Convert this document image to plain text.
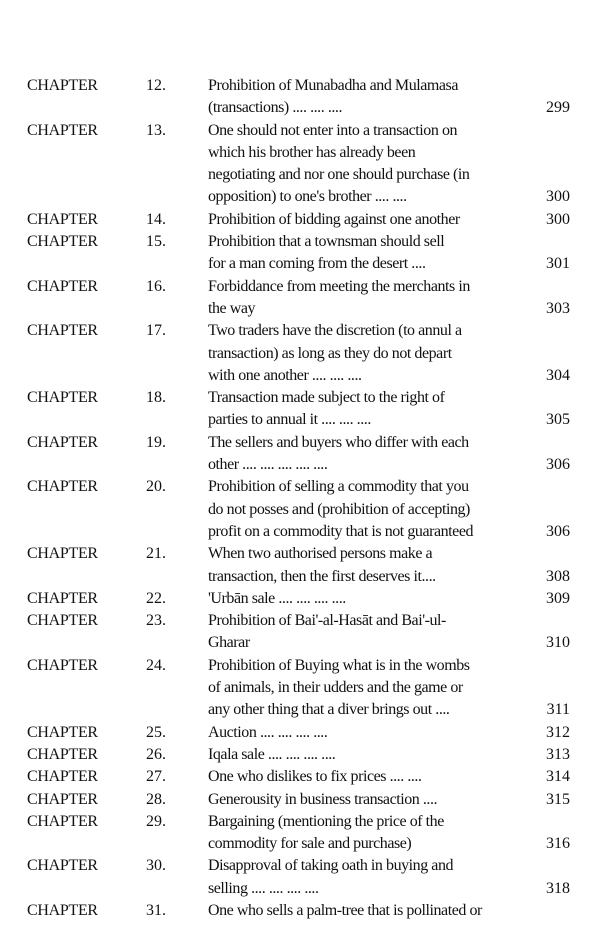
CHAPTER	12.	Prohibition of Munabadha and Mulamasa
(transactions) .... .... ....	299
CHAPTER	13.	One should not enter into a transaction on
which his brother has already been
negotiating and nor one should purchase (in
opposition) to one's brother .... ....	300
CHAPTER	14.	Prohibition of bidding against one another	300
CHAPTER	15.	Prohibition that a townsman should sell
for a man coming from the desert ....	301
CHAPTER	16.	Forbiddance from meeting the merchants in
the way	303
CHAPTER	17.	Two traders have the discretion (to annul a
transaction) as long as they do not depart
with one another .... .... ....	304
CHAPTER	18.	Transaction made subject to the right of
parties to annual it .... .... ....	305
CHAPTER	19.	The sellers and buyers who differ with each
other .... .... .... .... ....	306
CHAPTER	20.	Prohibition of selling a commodity that you
do not posses and (prohibition of accepting)
profit on a commodity that is not guaranteed	306
CHAPTER	21.	When two authorised persons make a
transaction, then the first deserves it....	308
CHAPTER	22.	'Urbān sale .... .... .... ....	309
CHAPTER	23.	Prohibition of Bai'-al-Hasāt and Bai'-ul-
Gharar	310
CHAPTER	24.	Prohibition of Buying what is in the wombs
of animals, in their udders and the game or
any other thing that a diver brings out ....	311
CHAPTER	25.	Auction .... .... .... ....	312
CHAPTER	26.	Iqala sale .... .... .... ....	313
CHAPTER	27.	One who dislikes to fix prices .... ....	314
CHAPTER	28.	Generousity in business transaction ....	315
CHAPTER	29.	Bargaining (mentioning the price of the
commodity for sale and purchase)	316
CHAPTER	30.	Disapproval of taking oath in buying and
selling .... .... .... ....	318
CHAPTER	31.	One who sells a palm-tree that is pollinated or
